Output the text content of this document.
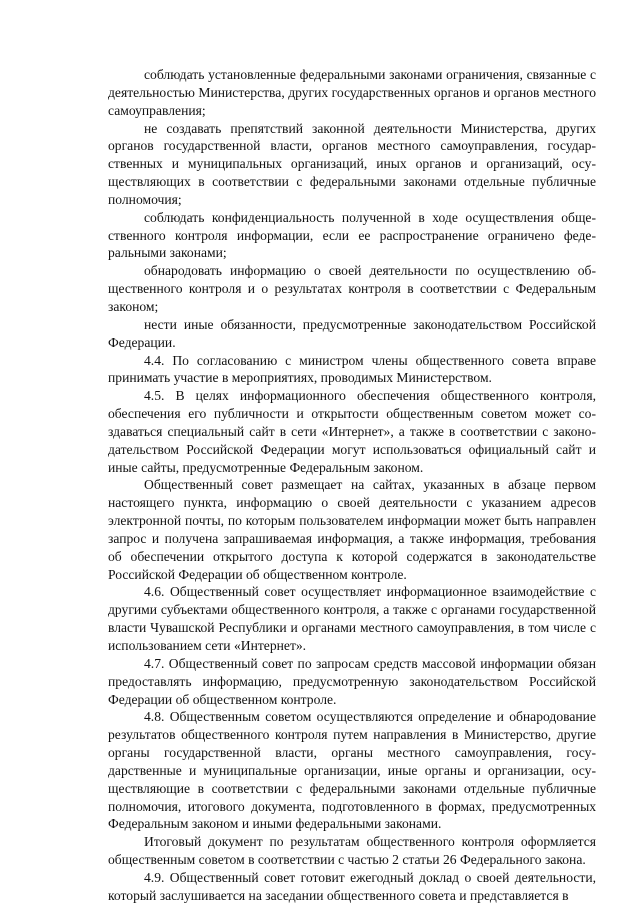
соблюдать установленные федеральными законами ограничения, связанные с деятельностью Министерства, других государственных органов и органов местного самоуправления;

не создавать препятствий законной деятельности Министерства, других органов государственной власти, органов местного самоуправления, государственных и муниципальных организаций, иных органов и организаций, осуществляющих в соответствии с федеральными законами отдельные публичные полномочия;

соблюдать конфиденциальность полученной в ходе осуществления общественного контроля информации, если ее распространение ограничено федеральными законами;

обнародовать информацию о своей деятельности по осуществлению общественного контроля и о результатах контроля в соответствии с Федеральным законом;

нести иные обязанности, предусмотренные законодательством Российской Федерации.

4.4. По согласованию с министром члены общественного совета вправе принимать участие в мероприятиях, проводимых Министерством.

4.5. В целях информационного обеспечения общественного контроля, обеспечения его публичности и открытости общественным советом может создаваться специальный сайт в сети «Интернет», а также в соответствии с законодательством Российской Федерации могут использоваться официальный сайт и иные сайты, предусмотренные Федеральным законом.

Общественный совет размещает на сайтах, указанных в абзаце первом настоящего пункта, информацию о своей деятельности с указанием адресов электронной почты, по которым пользователем информации может быть направлен запрос и получена запрашиваемая информация, а также информация, требования об обеспечении открытого доступа к которой содержатся в законодательстве Российской Федерации об общественном контроле.

4.6. Общественный совет осуществляет информационное взаимодействие с другими субъектами общественного контроля, а также с органами государственной власти Чувашской Республики и органами местного самоуправления, в том числе с использованием сети «Интернет».

4.7. Общественный совет по запросам средств массовой информации обязан предоставлять информацию, предусмотренную законодательством Российской Федерации об общественном контроле.

4.8. Общественным советом осуществляются определение и обнародование результатов общественного контроля путем направления в Министерство, другие органы государственной власти, органы местного самоуправления, государственные и муниципальные организации, иные органы и организации, осуществляющие в соответствии с федеральными законами отдельные публичные полномочия, итогового документа, подготовленного в формах, предусмотренных Федеральным законом и иными федеральными законами.

Итоговый документ по результатам общественного контроля оформляется общественным советом в соответствии с частью 2 статьи 26 Федерального закона.

4.9. Общественный совет готовит ежегодный доклад о своей деятельности, который заслушивается на заседании общественного совета и представляется в
